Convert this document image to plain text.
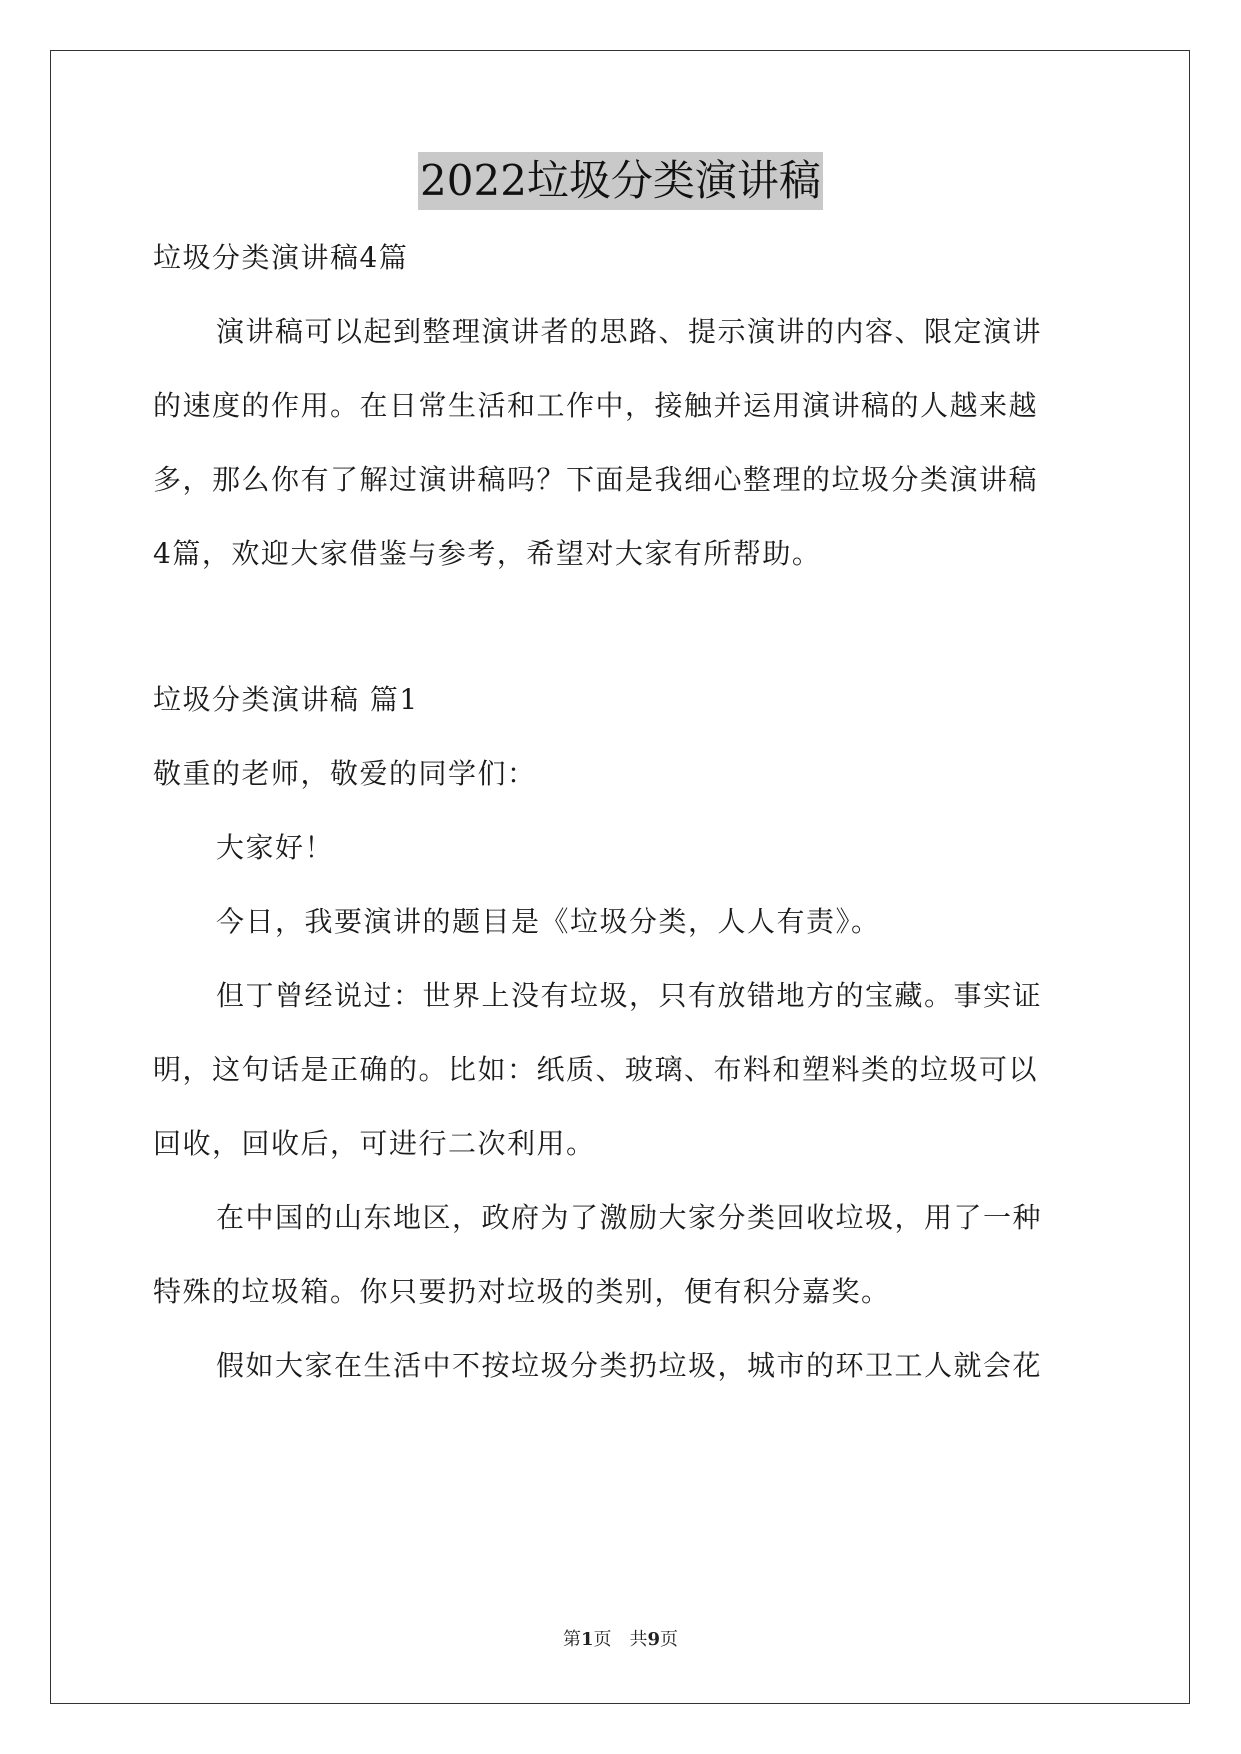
2022垃圾分类演讲稿
垃圾分类演讲稿4篇
演讲稿可以起到整理演讲者的思路、提示演讲的内容、限定演讲
的速度的作用。在日常生活和工作中，接触并运用演讲稿的人越来越
多，那么你有了解过演讲稿吗？下面是我细心整理的垃圾分类演讲稿
4篇，欢迎大家借鉴与参考，希望对大家有所帮助。
垃圾分类演讲稿 篇1
敬重的老师，敬爱的同学们：
大家好！
今日，我要演讲的题目是《垃圾分类，人人有责》。
但丁曾经说过：世界上没有垃圾，只有放错地方的宝藏。事实证
明，这句话是正确的。比如：纸质、玻璃、布料和塑料类的垃圾可以
回收，回收后，可进行二次利用。
在中国的山东地区，政府为了激励大家分类回收垃圾，用了一种
特殊的垃圾箱。你只要扔对垃圾的类别，便有积分嘉奖。
假如大家在生活中不按垃圾分类扔垃圾，城市的环卫工人就会花
第1页　共9页
